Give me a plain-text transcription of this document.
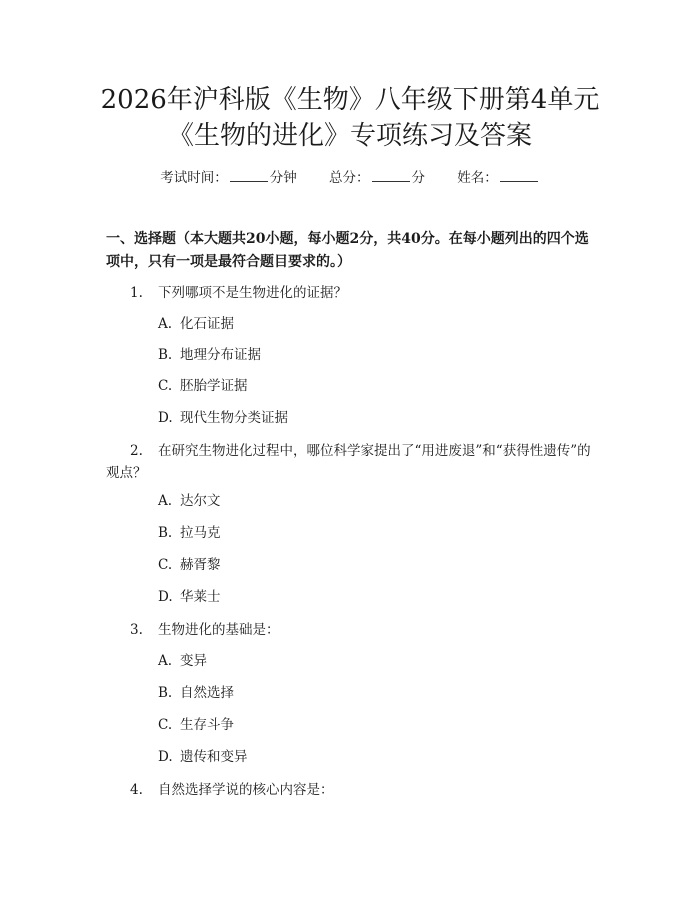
2026年沪科版《生物》八年级下册第4单元
《生物的进化》专项练习及答案
考试时间：	分钟 总分：	分 姓名：

一、选择题（本大题共20小题，每小题2分，共40分。在每小题列出的四个选项中，只有一项是最符合题目要求的。）

1. 下列哪项不是生物进化的证据？
A. 化石证据
B. 地理分布证据
C. 胚胎学证据
D. 现代生物分类证据
2. 在研究生物进化过程中，哪位科学家提出了“用进废退”和“获得性遗传”的观点？
A. 达尔文
B. 拉马克
C. 赫胥黎
D. 华莱士
3. 生物进化的基础是：
A. 变异
B. 自然选择
C. 生存斗争
D. 遗传和变异
4. 自然选择学说的核心内容是：
